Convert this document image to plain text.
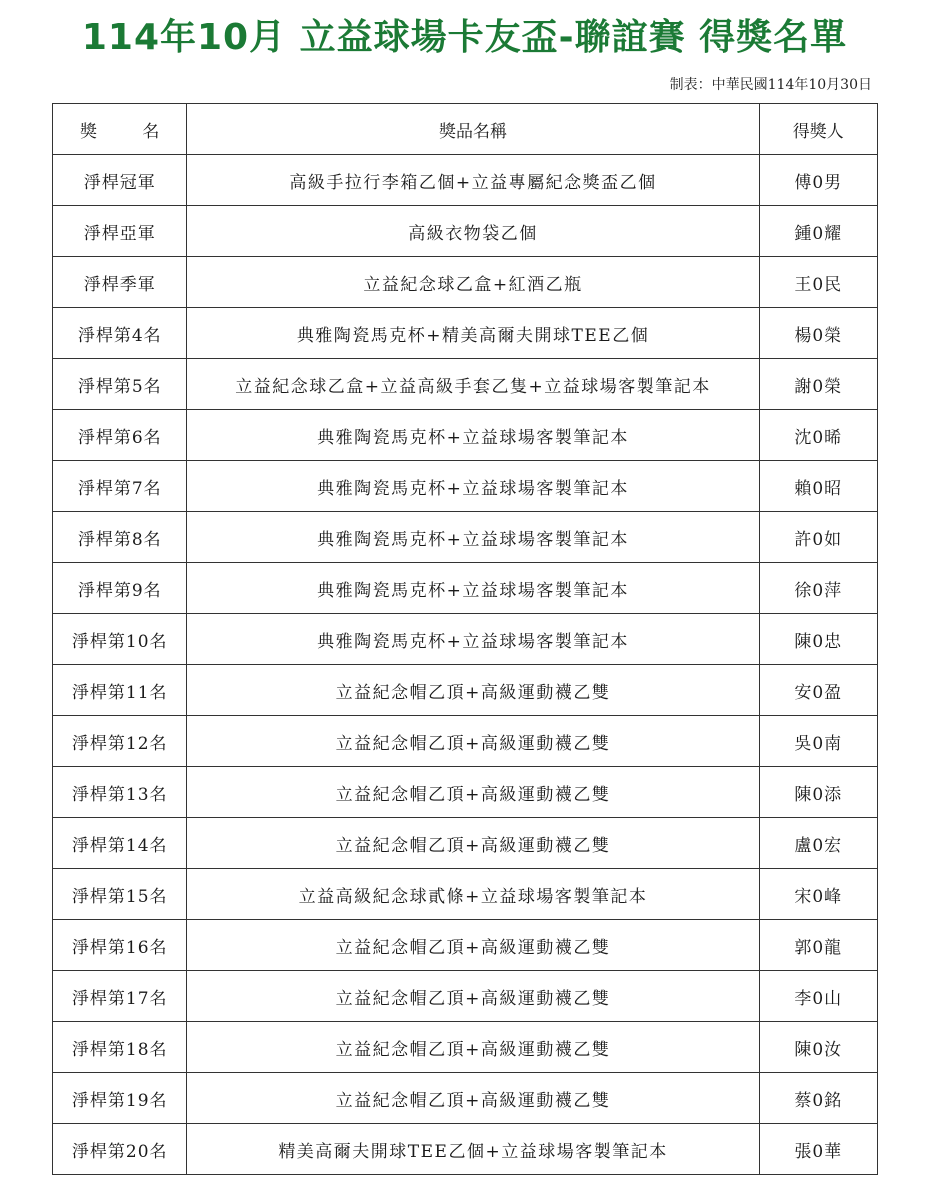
114年10月 立益球場卡友盃-聯誼賽 得獎名單
制表：中華民國114年10月30日
獎 名	獎品名稱	得獎人
淨桿冠軍	高級手拉行李箱乙個+立益專屬紀念獎盃乙個	傅0男
淨桿亞軍	高級衣物袋乙個	鍾0耀
淨桿季軍	立益紀念球乙盒+紅酒乙瓶	王0民
淨桿第4名	典雅陶瓷馬克杯+精美高爾夫開球TEE乙個	楊0榮
淨桿第5名	立益紀念球乙盒+立益高級手套乙隻+立益球場客製筆記本	謝0榮
淨桿第6名	典雅陶瓷馬克杯+立益球場客製筆記本	沈0晞
淨桿第7名	典雅陶瓷馬克杯+立益球場客製筆記本	賴0昭
淨桿第8名	典雅陶瓷馬克杯+立益球場客製筆記本	許0如
淨桿第9名	典雅陶瓷馬克杯+立益球場客製筆記本	徐0萍
淨桿第10名	典雅陶瓷馬克杯+立益球場客製筆記本	陳0忠
淨桿第11名	立益紀念帽乙頂+高級運動襪乙雙	安0盈
淨桿第12名	立益紀念帽乙頂+高級運動襪乙雙	吳0南
淨桿第13名	立益紀念帽乙頂+高級運動襪乙雙	陳0添
淨桿第14名	立益紀念帽乙頂+高級運動襪乙雙	盧0宏
淨桿第15名	立益高級紀念球貳條+立益球場客製筆記本	宋0峰
淨桿第16名	立益紀念帽乙頂+高級運動襪乙雙	郭0龍
淨桿第17名	立益紀念帽乙頂+高級運動襪乙雙	李0山
淨桿第18名	立益紀念帽乙頂+高級運動襪乙雙	陳0汝
淨桿第19名	立益紀念帽乙頂+高級運動襪乙雙	蔡0銘
淨桿第20名	精美高爾夫開球TEE乙個+立益球場客製筆記本	張0華
